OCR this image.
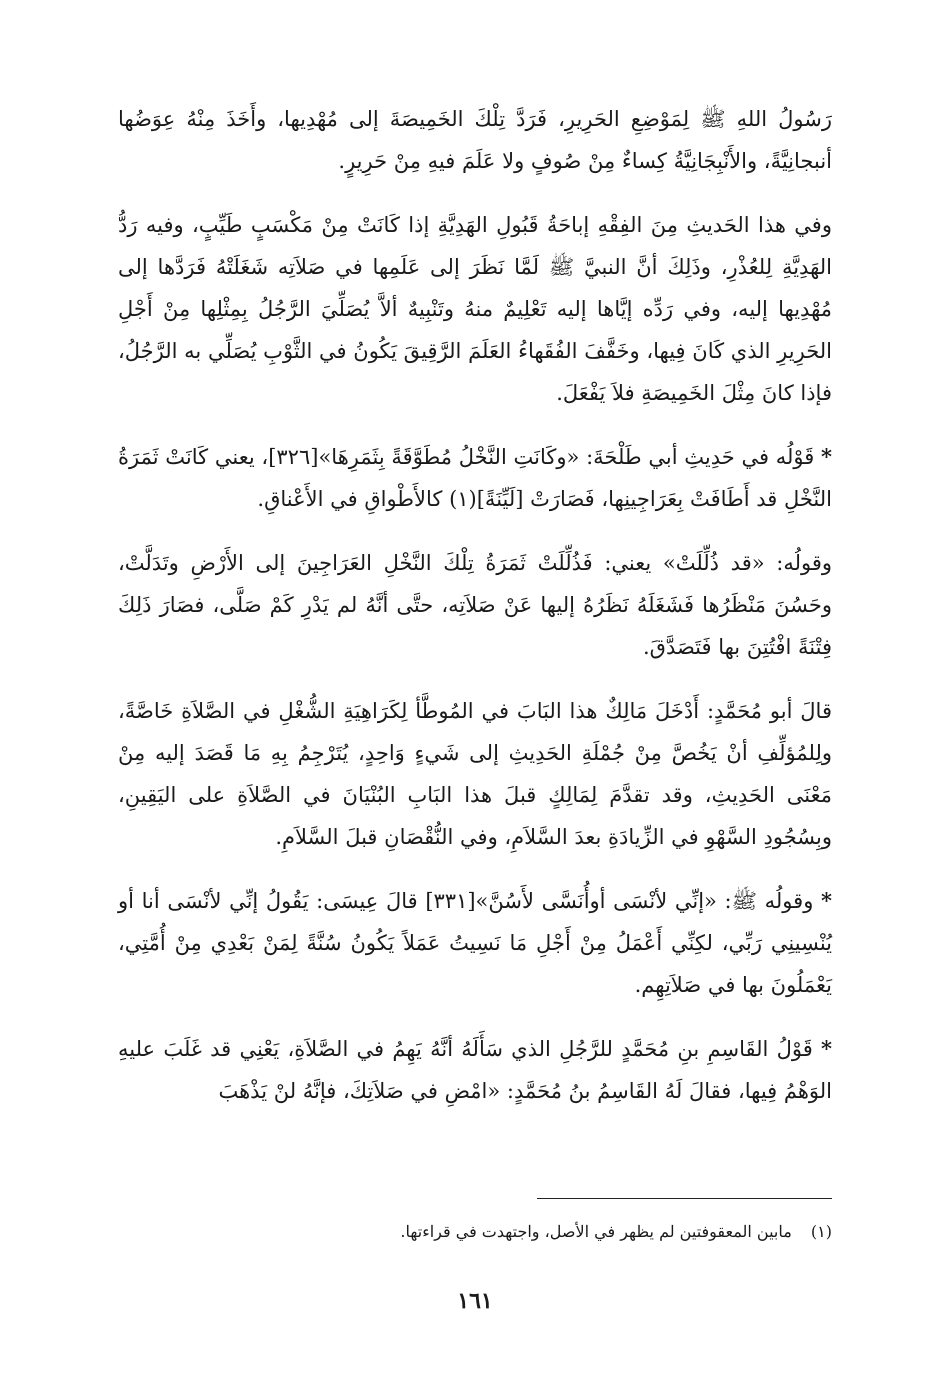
رَسُولُ اللهِ ﷺ لِمَوْضِعِ الحَرِيرِ، فَرَدَّ تِلْكَ الخَمِيصَةَ إلى مُهْدِيها، وأَخَذَ مِنْهُ عِوَضُها أنبجانِيَّةً، والأَنْبِجَانِيَّةُ كِساءٌ مِنْ صُوفٍ ولا عَلَمَ فيهِ مِنْ حَرِيرٍ.

وفي هذا الحَديثِ مِنَ الفِقْهِ إباحَةُ قَبُولِ الهَدِيَّةِ إذا كَانَتْ مِنْ مَكْسَبٍ طَيِّبٍ، وفيه رَدُّ الهَدِيَّةِ لِلعُذْرِ، وذَلِكَ أنَّ النبيَّ ﷺ لَمَّا نَظَرَ إلى عَلَمِها في صَلاَتِه شَغَلَتْهُ فَرَدَّها إلى مُهْدِيها إليه، وفي رَدِّه إيَّاها إليه تَعْلِيمٌ منهُ وتَنْبِيهٌ ألاَّ يُصَلِّيَ الرَّجُلُ بِمِثْلِها مِنْ أَجْلِ الحَرِيرِ الذي كَانَ فِيها، وخَفَّفَ الفُقَهاءُ العَلَمَ الرَّقِيقَ يَكُونُ في الثَّوْبِ يُصَلِّي به الرَّجُلُ، فإذا كانَ مِثْلَ الخَمِيصَةِ فلاَ يَفْعَلَ.

* قَوْلُه في حَدِيثِ أبي طَلْحَةَ: «وكَانَتِ النَّخْلُ مُطَوَّقَةً بِثَمَرِهَا»[٣٢٦]، يعني كَانَتْ ثَمَرَةُ النَّخْلِ قد أَطَافَتْ بِعَرَاجِينِها، فَصَارَتْ [لَيِّنَةً](١) كالأَطْواقِ في الأَعْناقِ.

وقولُه: «قد ذُلِّلَتْ» يعني: فَذُلِّلَتْ ثَمَرَةُ تِلْكَ النَّخْلِ العَرَاجِينَ إلى الأَرْضِ وتَدَلَّتْ، وحَسُنَ مَنْظَرُها فَشَغَلَهُ نَظَرُهُ إليها عَنْ صَلاَتِه، حتَّى أنَّهُ لم يَدْرِ كَمْ صَلَّى، فصَارَ ذَلِكَ فِتْنَةً افْتُتِنَ بها فَتَصَدَّقَ.

قالَ أبو مُحَمَّدٍ: أَدْخَلَ مَالِكٌ هذا البَابَ في المُوطَّأ لِكَرَاهِيَةِ الشُّغْلِ في الصَّلاَةِ خَاصَّةً، ولِلمُؤلِّفِ أنْ يَخُصَّ مِنْ جُمْلَةِ الحَدِيثِ إلى شَيءٍ وَاحِدٍ، يُتَرْجِمُ بِهِ مَا قَصَدَ إليه مِنْ مَعْنَى الحَدِيثِ، وقد تقدَّمَ لِمَالِكٍ قبلَ هذا البَابِ البُنْيَانَ في الصَّلاَةِ على اليَقِينِ، وبِسُجُودِ السَّهْوِ في الزِّيادَةِ بعدَ السَّلاَمِ، وفي النُّقْصَانِ قبلَ السَّلاَمِ.

* وقولُه ﷺ: «إنِّي لأنْسَى أوأُنَسَّى لأَسُنَّ»[٣٣١] قالَ عِيسَى: يَقُولُ إنِّي لأنْسَى أنا أو يُنْسِينِي رَبِّي، لكِنِّي أَعْمَلُ مِنْ أَجْلِ مَا نَسِيتُ عَمَلاً يَكُونُ سُنَّةً لِمَنْ بَعْدِي مِنْ أُمَّتِي، يَعْمَلُونَ بها في صَلاَتِهِم.

* قَوْلُ القَاسِمِ بنِ مُحَمَّدٍ للرَّجُلِ الذي سَأَلَهُ أنَّهُ يَهِمُ في الصَّلاَةِ، يَعْنِي قد غَلَبَ عليهِ الوَهْمُ فِيها، فقالَ لَهُ القَاسِمُ بنُ مُحَمَّدٍ: «امْضِ في صَلاَتِكَ، فإنَّهُ لنْ يَذْهَبَ

(١) مابين المعقوفتين لم يظهر في الأصل، واجتهدت في قراءتها.
١٦١
